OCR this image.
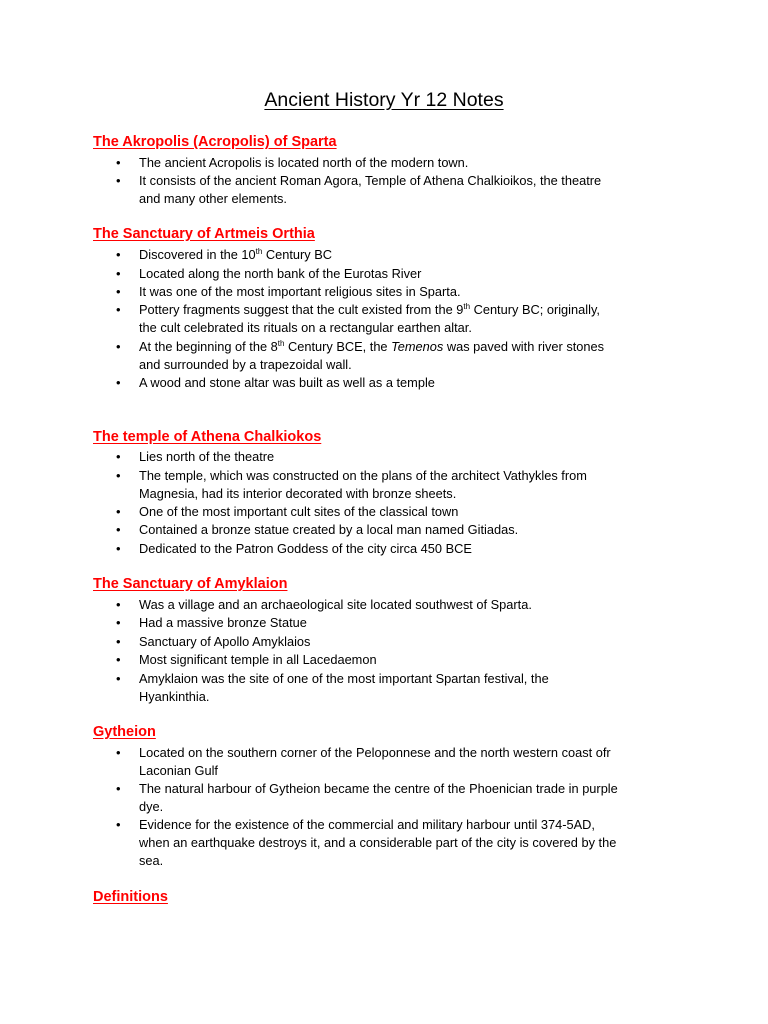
Ancient History Yr 12 Notes
The Akropolis (Acropolis) of Sparta
• The ancient Acropolis is located north of the modern town.
• It consists of the ancient Roman Agora, Temple of Athena Chalkioikos, the theatre
and many other elements.
The Sanctuary of Artmeis Orthia
• Discovered in the 10th Century BC
• Located along the north bank of the Eurotas River
• It was one of the most important religious sites in Sparta.
• Pottery fragments suggest that the cult existed from the 9th Century BC; originally,
the cult celebrated its rituals on a rectangular earthen altar.
• At the beginning of the 8th Century BCE, the Temenos was paved with river stones
and surrounded by a trapezoidal wall.
• A wood and stone altar was built as well as a temple
The temple of Athena Chalkiokos
• Lies north of the theatre
• The temple, which was constructed on the plans of the architect Vathykles from
Magnesia, had its interior decorated with bronze sheets.
• One of the most important cult sites of the classical town
• Contained a bronze statue created by a local man named Gitiadas.
• Dedicated to the Patron Goddess of the city circa 450 BCE
The Sanctuary of Amyklaion
• Was a village and an archaeological site located southwest of Sparta.
• Had a massive bronze Statue
• Sanctuary of Apollo Amyklaios
• Most significant temple in all Lacedaemon
• Amyklaion was the site of one of the most important Spartan festival, the
Hyankinthia.
Gytheion
• Located on the southern corner of the Peloponnese and the north western coast ofr
Laconian Gulf
• The natural harbour of Gytheion became the centre of the Phoenician trade in purple
dye.
• Evidence for the existence of the commercial and military harbour until 374-5AD,
when an earthquake destroys it, and a considerable part of the city is covered by the
sea.
Definitions
